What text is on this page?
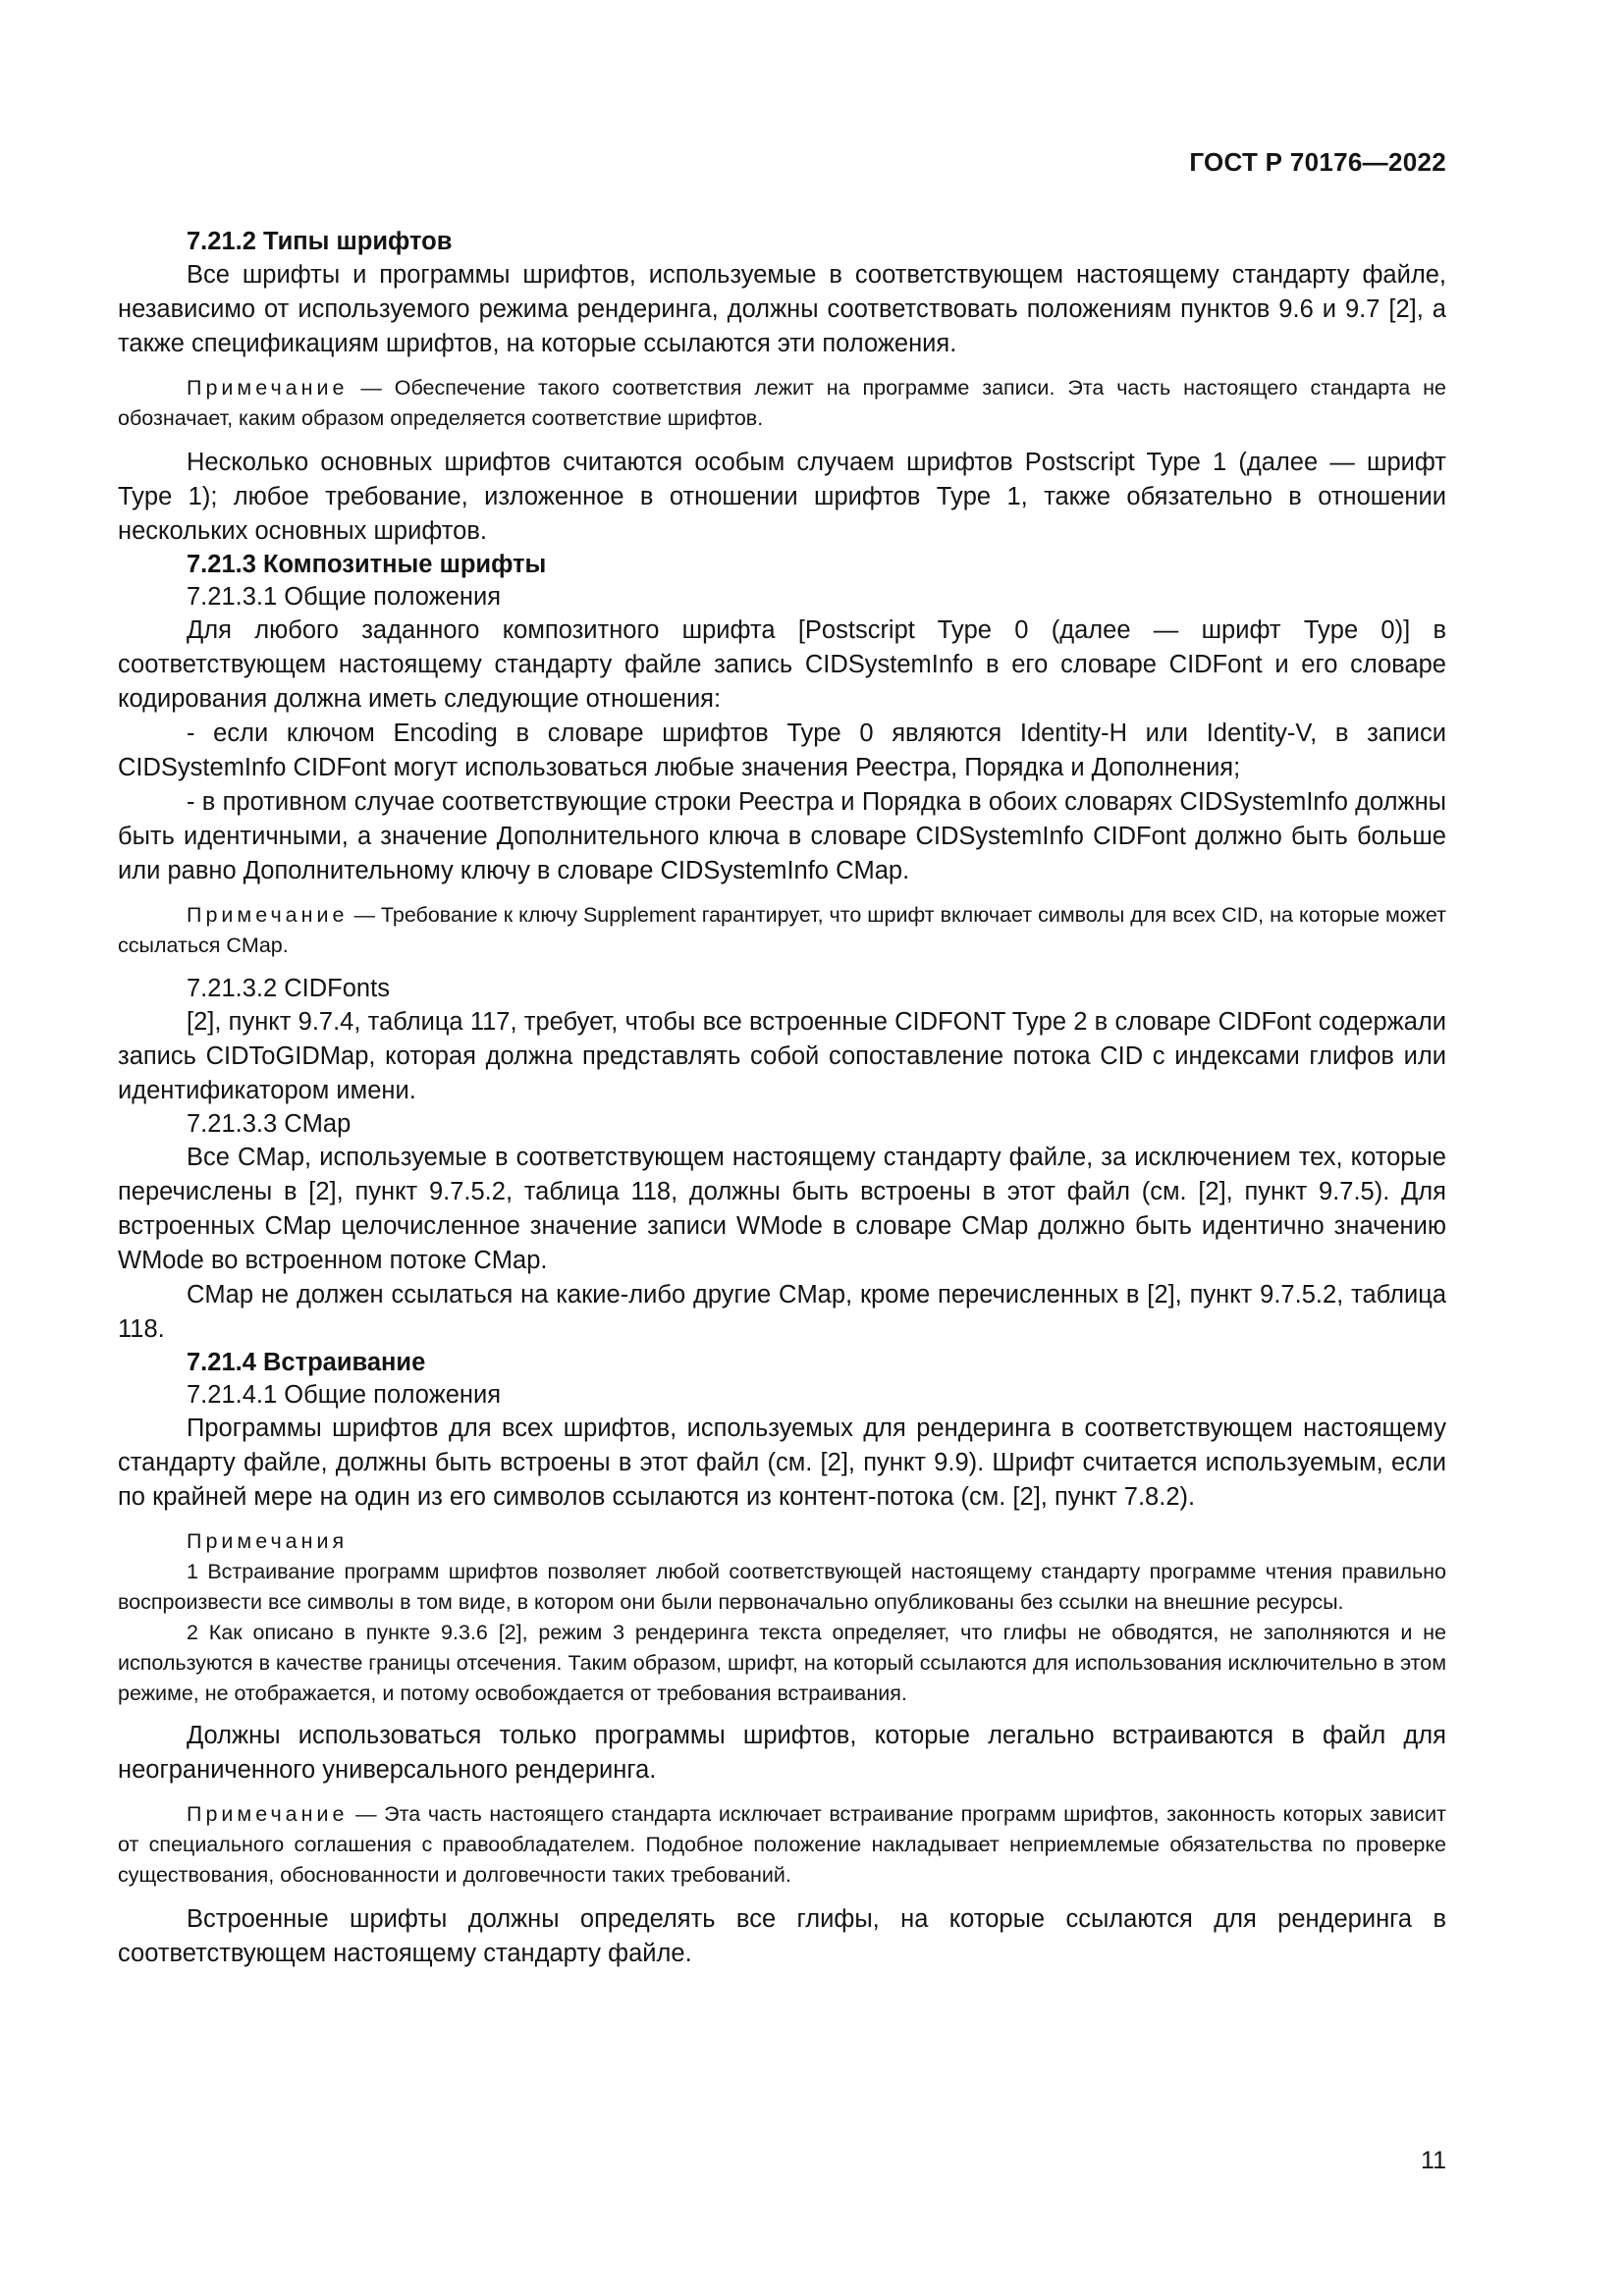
ГОСТ Р 70176—2022

7.21.2 Типы шрифтов

Все шрифты и программы шрифтов, используемые в соответствующем настоящему стандарту файле, независимо от используемого режима рендеринга, должны соответствовать положениям пунктов 9.6 и 9.7 [2], а также спецификациям шрифтов, на которые ссылаются эти положения.

Примечание — Обеспечение такого соответствия лежит на программе записи. Эта часть настоящего стандарта не обозначает, каким образом определяется соответствие шрифтов.

Несколько основных шрифтов считаются особым случаем шрифтов Postscript Type 1 (далее — шрифт Type 1); любое требование, изложенное в отношении шрифтов Type 1, также обязательно в отношении нескольких основных шрифтов.

7.21.3 Композитные шрифты

7.21.3.1 Общие положения

Для любого заданного композитного шрифта [Postscript Type 0 (далее — шрифт Type 0)] в соответствующем настоящему стандарту файле запись CIDSystemInfo в его словаре CIDFont и его словаре кодирования должна иметь следующие отношения:

- если ключом Encoding в словаре шрифтов Type 0 являются Identity-H или Identity-V, в записи CIDSystemInfo CIDFont могут использоваться любые значения Реестра, Порядка и Дополнения;

- в противном случае соответствующие строки Реестра и Порядка в обоих словарях CIDSystemInfo должны быть идентичными, а значение Дополнительного ключа в словаре CIDSystemInfo CIDFont должно быть больше или равно Дополнительному ключу в словаре CIDSystemInfo CMap.

Примечание — Требование к ключу Supplement гарантирует, что шрифт включает символы для всех CID, на которые может ссылаться CMap.

7.21.3.2 CIDFonts

[2], пункт 9.7.4, таблица 117, требует, чтобы все встроенные CIDFONT Type 2 в словаре CIDFont содержали запись CIDToGIDMap, которая должна представлять собой сопоставление потока CID с индексами глифов или идентификатором имени.

7.21.3.3 CMap

Все CMap, используемые в соответствующем настоящему стандарту файле, за исключением тех, которые перечислены в [2], пункт 9.7.5.2, таблица 118, должны быть встроены в этот файл (см. [2], пункт 9.7.5). Для встроенных CMap целочисленное значение записи WMode в словаре CMap должно быть идентично значению WMode во встроенном потоке CMap.

CMap не должен ссылаться на какие-либо другие CMap, кроме перечисленных в [2], пункт 9.7.5.2, таблица 118.

7.21.4 Встраивание

7.21.4.1 Общие положения

Программы шрифтов для всех шрифтов, используемых для рендеринга в соответствующем настоящему стандарту файле, должны быть встроены в этот файл (см. [2], пункт 9.9). Шрифт считается используемым, если по крайней мере на один из его символов ссылаются из контент-потока (см. [2], пункт 7.8.2).

Примечания

1 Встраивание программ шрифтов позволяет любой соответствующей настоящему стандарту программе чтения правильно воспроизвести все символы в том виде, в котором они были первоначально опубликованы без ссылки на внешние ресурсы.

2 Как описано в пункте 9.3.6 [2], режим 3 рендеринга текста определяет, что глифы не обводятся, не заполняются и не используются в качестве границы отсечения. Таким образом, шрифт, на который ссылаются для использования исключительно в этом режиме, не отображается, и потому освобождается от требования встраивания.

Должны использоваться только программы шрифтов, которые легально встраиваются в файл для неограниченного универсального рендеринга.

Примечание — Эта часть настоящего стандарта исключает встраивание программ шрифтов, законность которых зависит от специального соглашения с правообладателем. Подобное положение накладывает неприемлемые обязательства по проверке существования, обоснованности и долговечности таких требований.

Встроенные шрифты должны определять все глифы, на которые ссылаются для рендеринга в соответствующем настоящему стандарту файле.

11
